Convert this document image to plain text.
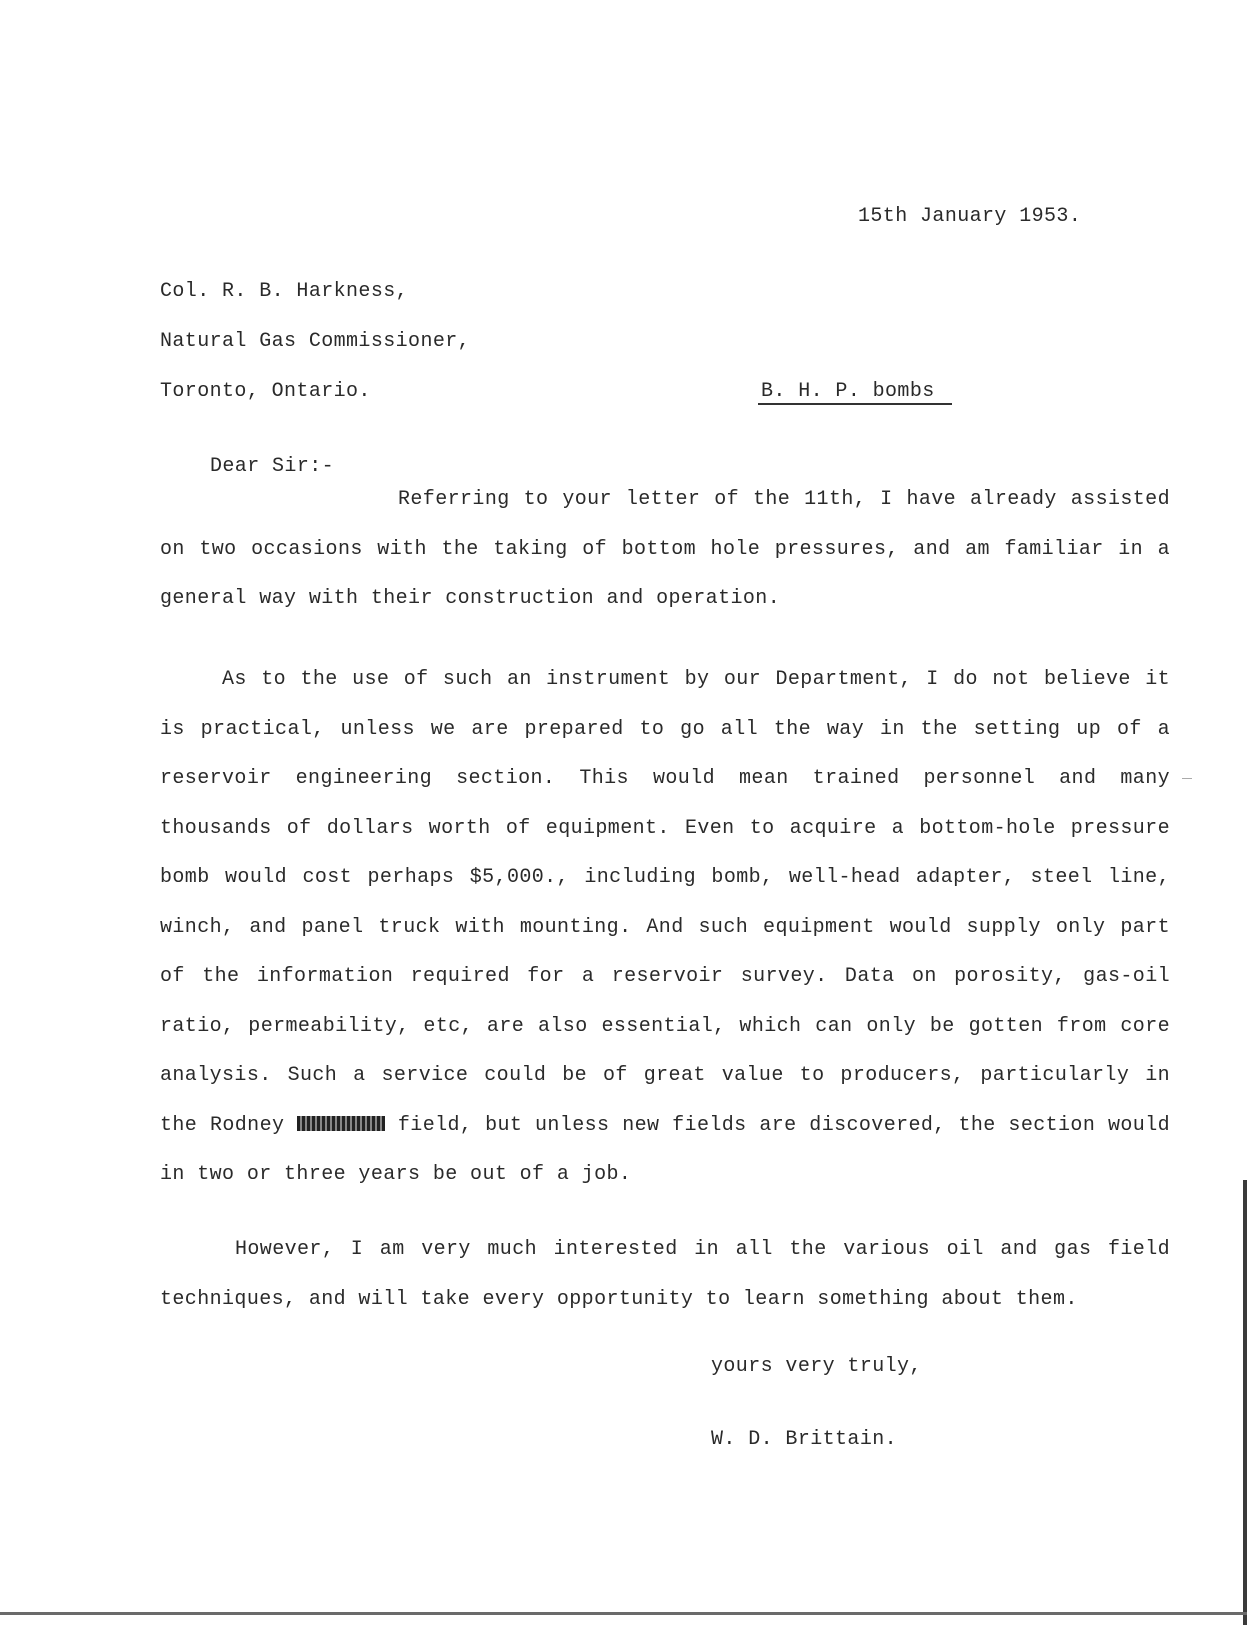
15th January 1953.
Col. R. B. Harkness,
Natural Gas Commissioner,
Toronto, Ontario.	B. H. P. bombs
Dear Sir:-

Referring to your letter of the 11th, I have already assisted on two occasions with the taking of bottom hole pressures, and am familiar in a general way with their construction and operation.

As to the use of such an instrument by our Department, I do not believe it is practical, unless we are prepared to go all the way in the setting up of a reservoir engineering section. This would mean trained personnel and many thousands of dollars worth of equipment. Even to acquire a bottom-hole pressure bomb would cost perhaps $5,000., including bomb, well-head adapter, steel line, winch, and panel truck with mounting. And such equipment would supply only part of the information required for a reservoir survey. Data on porosity, gas-oil ratio, permeability, etc, are also essential, which can only be gotten from core analysis. Such a service could be of great value to producers, particularly in the Rodney	field, but unless new fields are discovered, the section would in two or three years be out of a job.

However, I am very much interested in all the various oil and gas field techniques, and will take every opportunity to learn something about them.

yours very truly,
W. D. Brittain.
